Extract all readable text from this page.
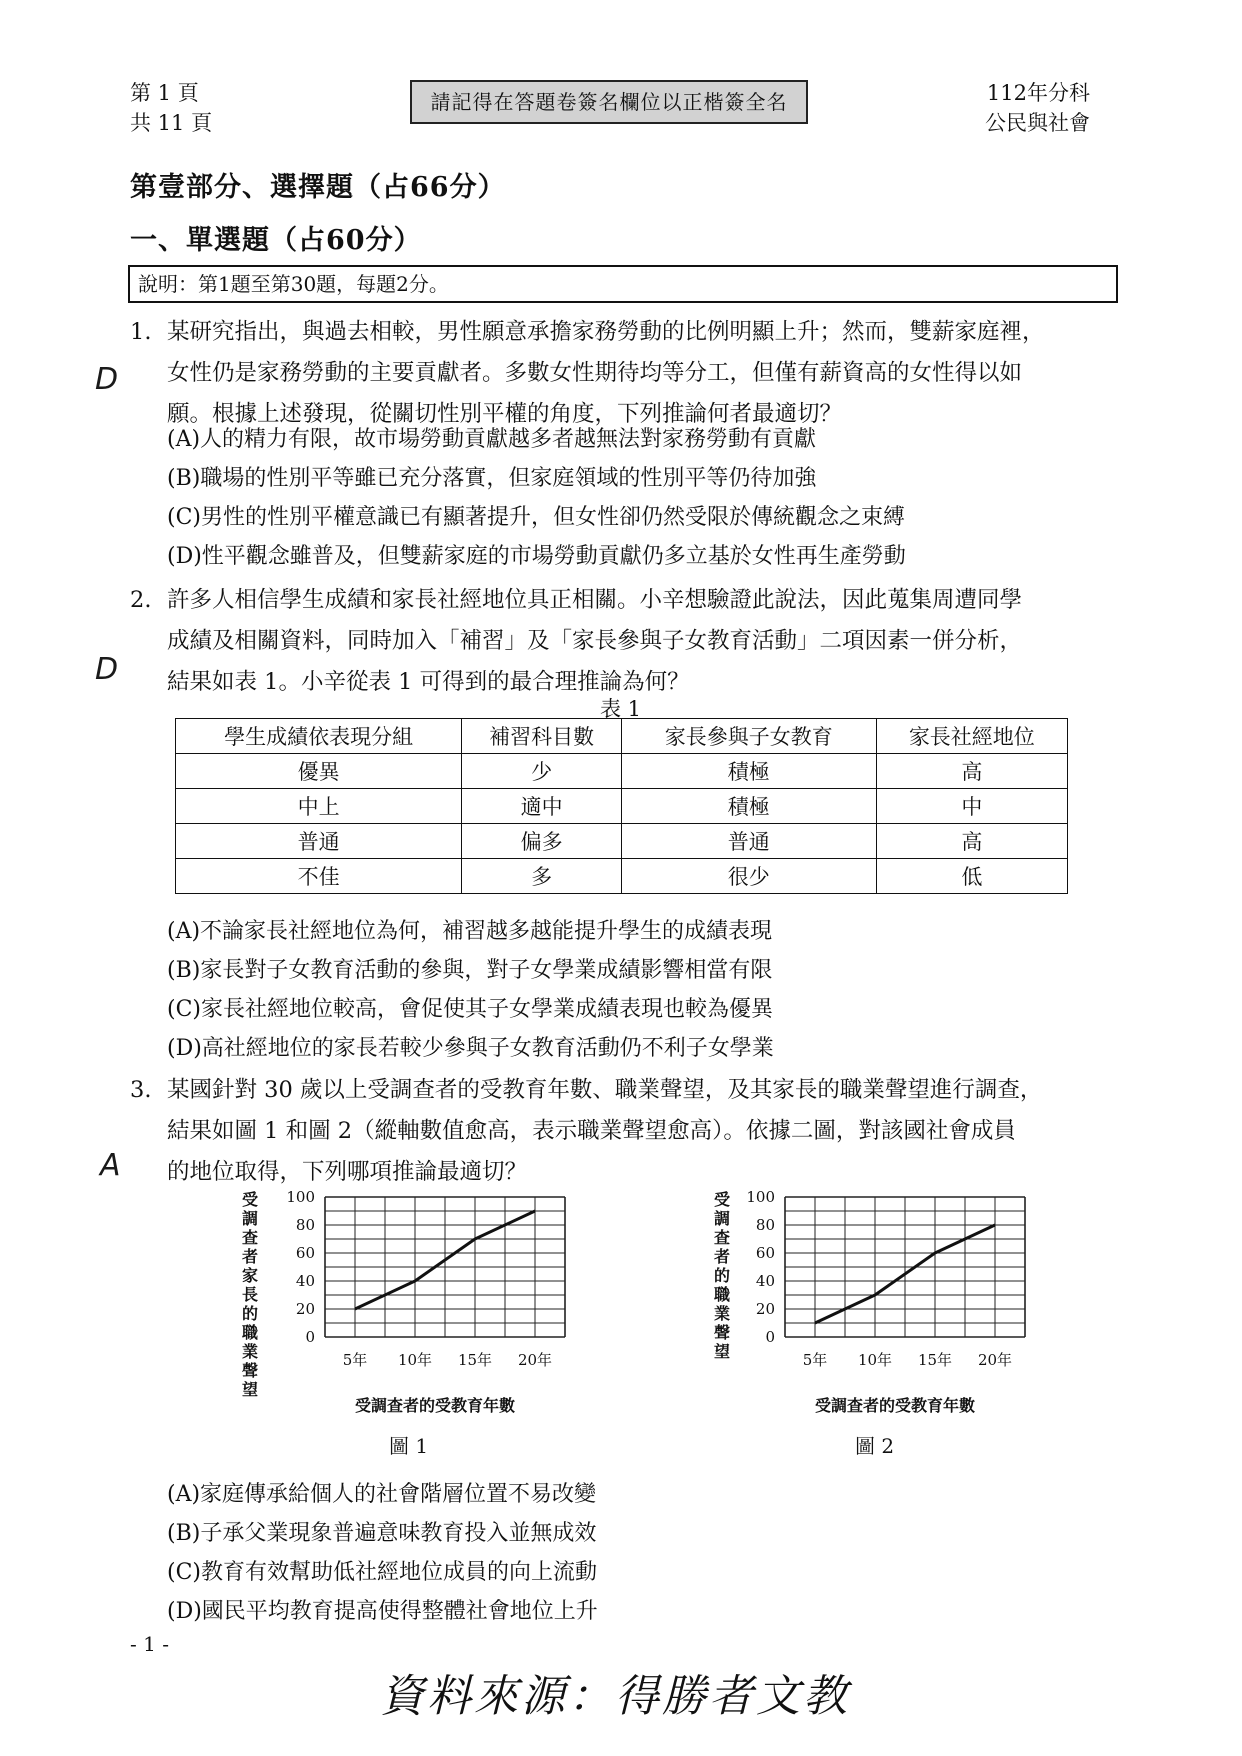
第 1 頁
共 11 頁
請記得在答題卷簽名欄位以正楷簽全名	112年分科
公民與社會
第壹部分、選擇題（占66分）
一、單選題（占60分）
說明：第1題至第30題，每題2分。
1.
D
某研究指出，與過去相較，男性願意承擔家務勞動的比例明顯上升；然而，雙薪家庭裡，
女性仍是家務勞動的主要貢獻者。多數女性期待均等分工，但僅有薪資高的女性得以如
願。根據上述發現，從關切性別平權的角度，下列推論何者最適切？
(A)人的精力有限，故市場勞動貢獻越多者越無法對家務勞動有貢獻
(B)職場的性別平等雖已充分落實，但家庭領域的性別平等仍待加強
(C)男性的性別平權意識已有顯著提升，但女性卻仍然受限於傳統觀念之束縛
(D)性平觀念雖普及，但雙薪家庭的市場勞動貢獻仍多立基於女性再生產勞動
2.
D
許多人相信學生成績和家長社經地位具正相關。小辛想驗證此說法，因此蒐集周遭同學
成績及相關資料，同時加入「補習」及「家長參與子女教育活動」二項因素一併分析，
結果如表 1。小辛從表 1 可得到的最合理推論為何？
表 1
學生成績依表現分組	補習科目數	家長參與子女教育	家長社經地位
優異	少	積極	高
中上	適中	積極	中
普通	偏多	普通	高
不佳	多	很少	低
(A)不論家長社經地位為何，補習越多越能提升學生的成績表現
(B)家長對子女教育活動的參與，對子女學業成績影響相當有限
(C)家長社經地位較高，會促使其子女學業成績表現也較為優異
(D)高社經地位的家長若較少參與子女教育活動仍不利子女學業
3.
A
某國針對 30 歲以上受調查者的受教育年數、職業聲望，及其家長的職業聲望進行調查，
結果如圖 1 和圖 2（縱軸數值愈高，表示職業聲望愈高）。依據二圖，對該國社會成員
的地位取得，下列哪項推論最適切？
受調查者家長的職業聲望
0
20
40
60
80
100
5年 10年 15年 20年
受調查者的受教育年數
圖 1
受調查者的職業聲望
0
20
40
60
80
100
5年 10年 15年 20年
受調查者的受教育年數
圖 2
(A)家庭傳承給個人的社會階層位置不易改變
(B)子承父業現象普遍意味教育投入並無成效
(C)教育有效幫助低社經地位成員的向上流動
(D)國民平均教育提高使得整體社會地位上升
- 1 -
資料來源：得勝者文教
